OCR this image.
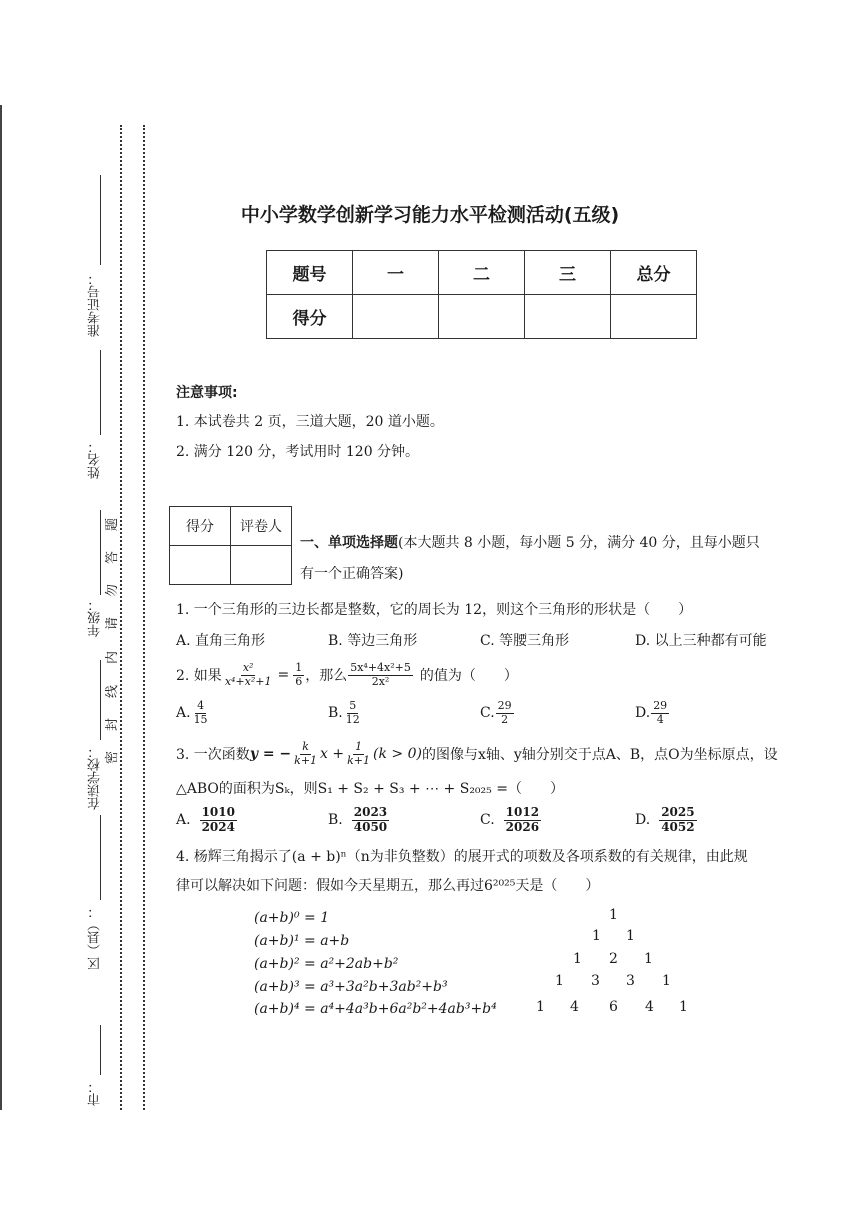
准考证号：
姓名：
年级：
在读学校：
区（县）：
市：
题
答
勿
请
内
线
封
密
中小学数学创新学习能力水平检测活动(五级)
题号	一	二	三	总分
得分				
注意事项:
1. 本试卷共 2 页，三道大题，20 道小题。
2. 满分 120 分，考试用时 120 分钟。
得分	评卷人

一、单项选择题(本大题共 8 小题，每小题 5 分，满分 40 分，且每小题只
有一个正确答案)
1. 一个三角形的三边长都是整数，它的周长为 12，则这个三角形的形状是（　　）
A. 直角三角形	B. 等边三角形	C. 等腰三角形	D. 以上三种都有可能
2. 如果 $\frac{\text{x²}}{\text{x⁴+x²+1}} = \frac{1}{6}$ ，那么 $\frac{\text{5x⁴+4x²+5}}{\text{2x²}}$ 的值为（　　）
A. $\frac{4}{15}$	B. $\frac{5}{12}$	C. $\frac{29}{2}$	D. $\frac{29}{4}$
3. 一次函数 y = − $\frac{k}{k+1}$ $x + \frac{1}{k+1} (k > 0)$ 的图像与x轴、y轴分别交于点A、B，点O为坐标原点，设
△ABO的面积为Sₖ，则S₁ + S₂ + S₃ + ⋯ + S₂₀₂₅ =（　　）
A. $\frac{1010}{2024}$	B. $\frac{2023}{4050}$	C. $\frac{1012}{2026}$	D. $\frac{2025}{4052}$
4. 杨辉三角揭示了(a + b)ⁿ（n为非负整数）的展开式的项数及各项系数的有关规律，由此规
律可以解决如下问题：假如今天星期五，那么再过6²⁰²⁵天是（　　）
(a+b)⁰ = 1
(a+b)¹ = a+b
(a+b)² = a²+2ab+b²
(a+b)³ = a³+3a²b+3ab²+b³
(a+b)⁴ = a⁴+4a³b+6a²b²+4ab³+b⁴
1
1 1
1 2 1
1 3 3 1
1 4 6 4 1
